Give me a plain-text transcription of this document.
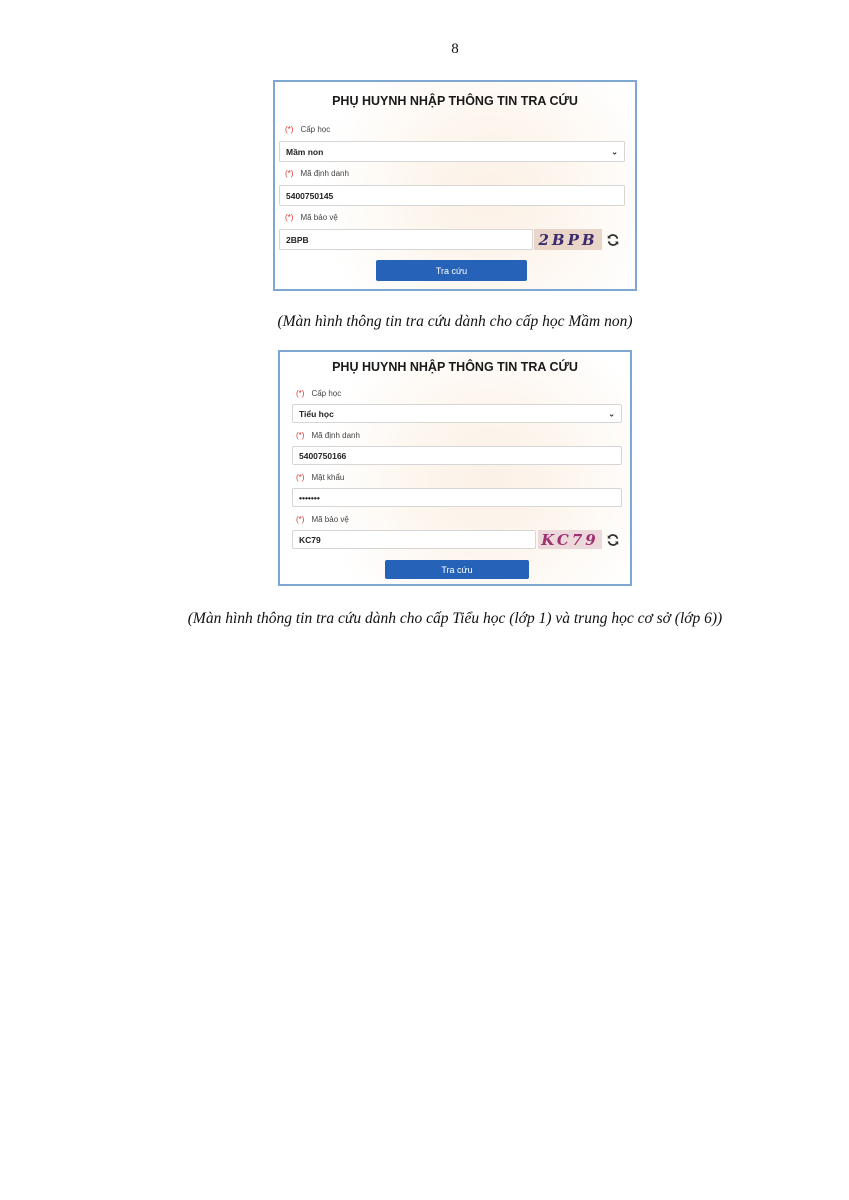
8
PHỤ HUYNH NHẬP THÔNG TIN TRA CỨU
(*) Cấp học
Mầm non	⌄
(*) Mã định danh
5400750145
(*) Mã bảo vệ
2BPB	2BPB
Tra cứu
(Màn hình thông tin tra cứu dành cho cấp học Mầm non)
PHỤ HUYNH NHẬP THÔNG TIN TRA CỨU
(*) Cấp học
Tiểu học	⌄
(*) Mã định danh
5400750166
(*) Mật khẩu
•••••••
(*) Mã bảo vệ
KC79	KC79
Tra cứu
(Màn hình thông tin tra cứu dành cho cấp Tiểu học (lớp 1) và trung học cơ sở (lớp 6))
